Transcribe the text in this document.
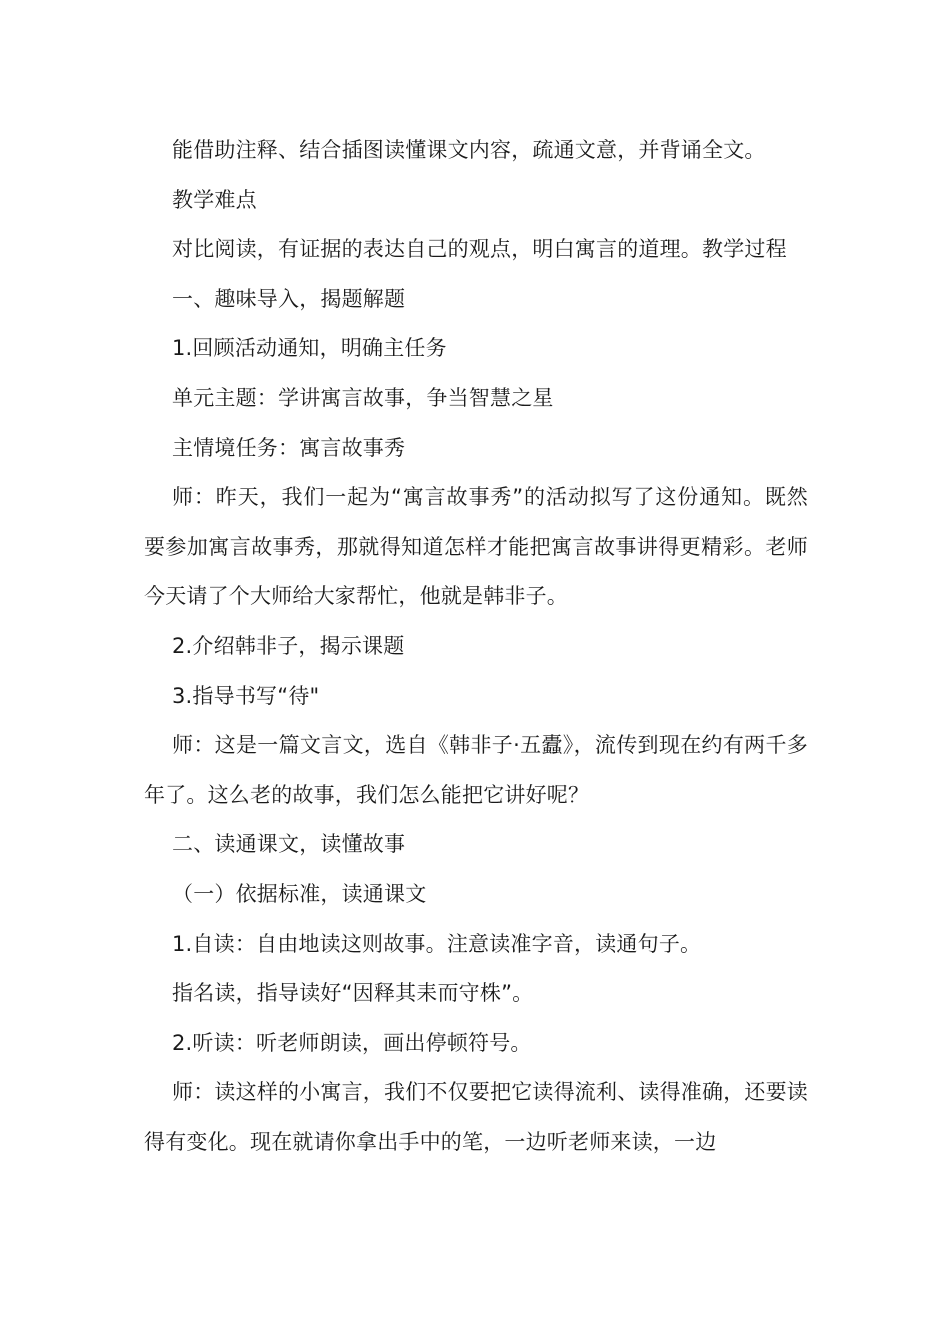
能借助注释、结合插图读懂课文内容，疏通文意，并背诵全文。

教学难点

对比阅读，有证据的表达自己的观点，明白寓言的道理。教学过程

一、趣味导入，揭题解题

1.回顾活动通知，明确主任务

单元主题：学讲寓言故事，争当智慧之星

主情境任务：寓言故事秀

师：昨天，我们一起为“寓言故事秀”的活动拟写了这份通知。既然要参加寓言故事秀，那就得知道怎样才能把寓言故事讲得更精彩。老师今天请了个大师给大家帮忙，他就是韩非子。

2.介绍韩非子，揭示课题

3.指导书写“待"

师：这是一篇文言文，选自《韩非子·五蠹》，流传到现在约有两千多年了。这么老的故事，我们怎么能把它讲好呢？

二、读通课文，读懂故事

（一）依据标准，读通课文

1.自读：自由地读这则故事。注意读准字音，读通句子。

指名读，指导读好“因释其耒而守株”。

2.听读：听老师朗读，画出停顿符号。

师：读这样的小寓言，我们不仅要把它读得流利、读得准确，还要读得有变化。现在就请你拿出手中的笔，一边听老师来读，一边
